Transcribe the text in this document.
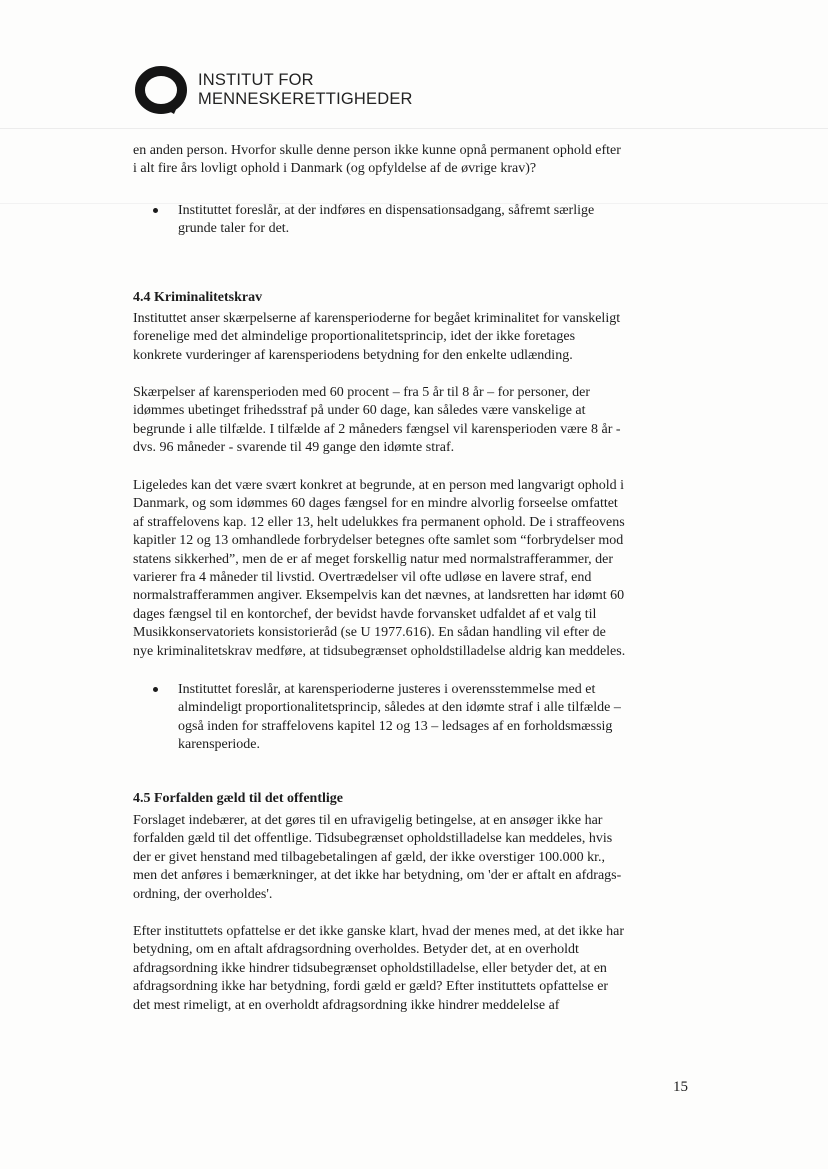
INSTITUT FOR
MENNESKERETTIGHEDER
en anden person. Hvorfor skulle denne person ikke kunne opnå permanent ophold efter
i alt fire års lovligt ophold i Danmark (og opfyldelse af de øvrige krav)?
Instituttet foreslår, at der indføres en dispensationsadgang, såfremt særlige
grunde taler for det.
4.4 Kriminalitetskrav
Instituttet anser skærpelserne af karensperioderne for begået kriminalitet for vanskeligt
forenelige med det almindelige proportionalitetsprincip, idet der ikke foretages
konkrete vurderinger af karensperiodens betydning for den enkelte udlænding.
Skærpelser af karensperioden med 60 procent – fra 5 år til 8 år – for personer, der
idømmes ubetinget frihedsstraf på under 60 dage, kan således være vanskelige at
begrunde i alle tilfælde. I tilfælde af 2 måneders fængsel vil karensperioden være 8 år -
dvs. 96 måneder - svarende til 49 gange den idømte straf.
Ligeledes kan det være svært konkret at begrunde, at en person med langvarigt ophold i
Danmark, og som idømmes 60 dages fængsel for en mindre alvorlig forseelse omfattet
af straffelovens kap. 12 eller 13, helt udelukkes fra permanent ophold. De i straffeovens
kapitler 12 og 13 omhandlede forbrydelser betegnes ofte samlet som “forbrydelser mod
statens sikkerhed”, men de er af meget forskellig natur med normalstrafferammer, der
varierer fra 4 måneder til livstid. Overtrædelser vil ofte udløse en lavere straf, end
normalstrafferammen angiver. Eksempelvis kan det nævnes, at landsretten har idømt 60
dages fængsel til en kontorchef, der bevidst havde forvansket udfaldet af et valg til
Musikkonservatoriets konsistorieråd (se U 1977.616). En sådan handling vil efter de
nye kriminalitetskrav medføre, at tidsubegrænset opholdstilladelse aldrig kan meddeles.
Instituttet foreslår, at karensperioderne justeres i overensstemmelse med et
almindeligt proportionalitetsprincip, således at den idømte straf i alle tilfælde –
også inden for straffelovens kapitel 12 og 13 – ledsages af en forholdsmæssig
karensperiode.
4.5 Forfalden gæld til det offentlige
Forslaget indebærer, at det gøres til en ufravigelig betingelse, at en ansøger ikke har
forfalden gæld til det offentlige. Tidsubegrænset opholdstilladelse kan meddeles, hvis
der er givet henstand med tilbagebetalingen af gæld, der ikke overstiger 100.000 kr.,
men det anføres i bemærkninger, at det ikke har betydning, om 'der er aftalt en afdrags-
ordning, der overholdes'.
Efter instituttets opfattelse er det ikke ganske klart, hvad der menes med, at det ikke har
betydning, om en aftalt afdragsordning overholdes. Betyder det, at en overholdt
afdragsordning ikke hindrer tidsubegrænset opholdstilladelse, eller betyder det, at en
afdragsordning ikke har betydning, fordi gæld er gæld? Efter instituttets opfattelse er
det mest rimeligt, at en overholdt afdragsordning ikke hindrer meddelelse af
15
